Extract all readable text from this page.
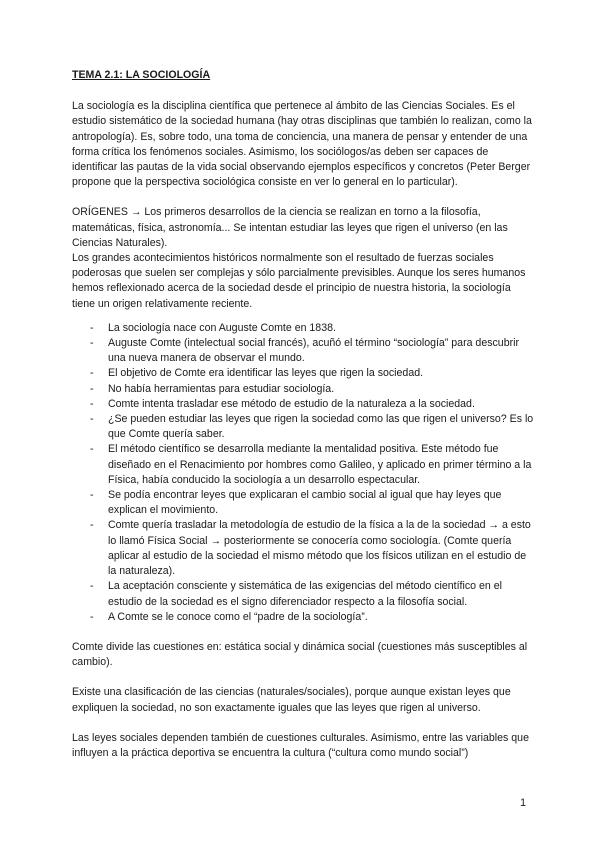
TEMA 2.1: LA SOCIOLOGÍA

La sociología es la disciplina científica que pertenece al ámbito de las Ciencias Sociales. Es el estudio sistemático de la sociedad humana (hay otras disciplinas que también lo realizan, como la antropología). Es, sobre todo, una toma de conciencia, una manera de pensar y entender de una forma crítica los fenómenos sociales. Asimismo, los sociólogos/as deben ser capaces de identificar las pautas de la vida social observando ejemplos específicos y concretos (Peter Berger propone que la perspectiva sociológica consiste en ver lo general en lo particular).

ORÍGENES → Los primeros desarrollos de la ciencia se realizan en torno a la filosofía, matemáticas, física, astronomía... Se intentan estudiar las leyes que rigen el universo (en las Ciencias Naturales).

Los grandes acontecimientos históricos normalmente son el resultado de fuerzas sociales poderosas que suelen ser complejas y sólo parcialmente previsibles. Aunque los seres humanos hemos reflexionado acerca de la sociedad desde el principio de nuestra historia, la sociología tiene un origen relativamente reciente.

- La sociología nace con Auguste Comte en 1838.
- Auguste Comte (intelectual social francés), acuñó el término “sociología” para descubrir una nueva manera de observar el mundo.
- El objetivo de Comte era identificar las leyes que rigen la sociedad.
- No había herramientas para estudiar sociología.
- Comte intenta trasladar ese método de estudio de la naturaleza a la sociedad.
- ¿Se pueden estudiar las leyes que rigen la sociedad como las que rigen el universo? Es lo que Comte quería saber.
- El método científico se desarrolla mediante la mentalidad positiva. Este método fue diseñado en el Renacimiento por hombres como Galileo, y aplicado en primer término a la Física, había conducido la sociología a un desarrollo espectacular.
- Se podía encontrar leyes que explicaran el cambio social al igual que hay leyes que explican el movimiento.
- Comte quería trasladar la metodología de estudio de la física a la de la sociedad → a esto lo llamó Física Social → posteriormente se conocería como sociología. (Comte quería aplicar al estudio de la sociedad el mismo método que los físicos utilizan en el estudio de la naturaleza).
- La aceptación consciente y sistemática de las exigencias del método científico en el estudio de la sociedad es el signo diferenciador respecto a la filosofía social.
- A Comte se le conoce como el “padre de la sociología”.

Comte divide las cuestiones en: estática social y dinámica social (cuestiones más susceptibles al cambio).

Existe una clasificación de las ciencias (naturales/sociales), porque aunque existan leyes que expliquen la sociedad, no son exactamente iguales que las leyes que rigen al universo.

Las leyes sociales dependen también de cuestiones culturales. Asimismo, entre las variables que influyen a la práctica deportiva se encuentra la cultura (“cultura como mundo social”)

1
